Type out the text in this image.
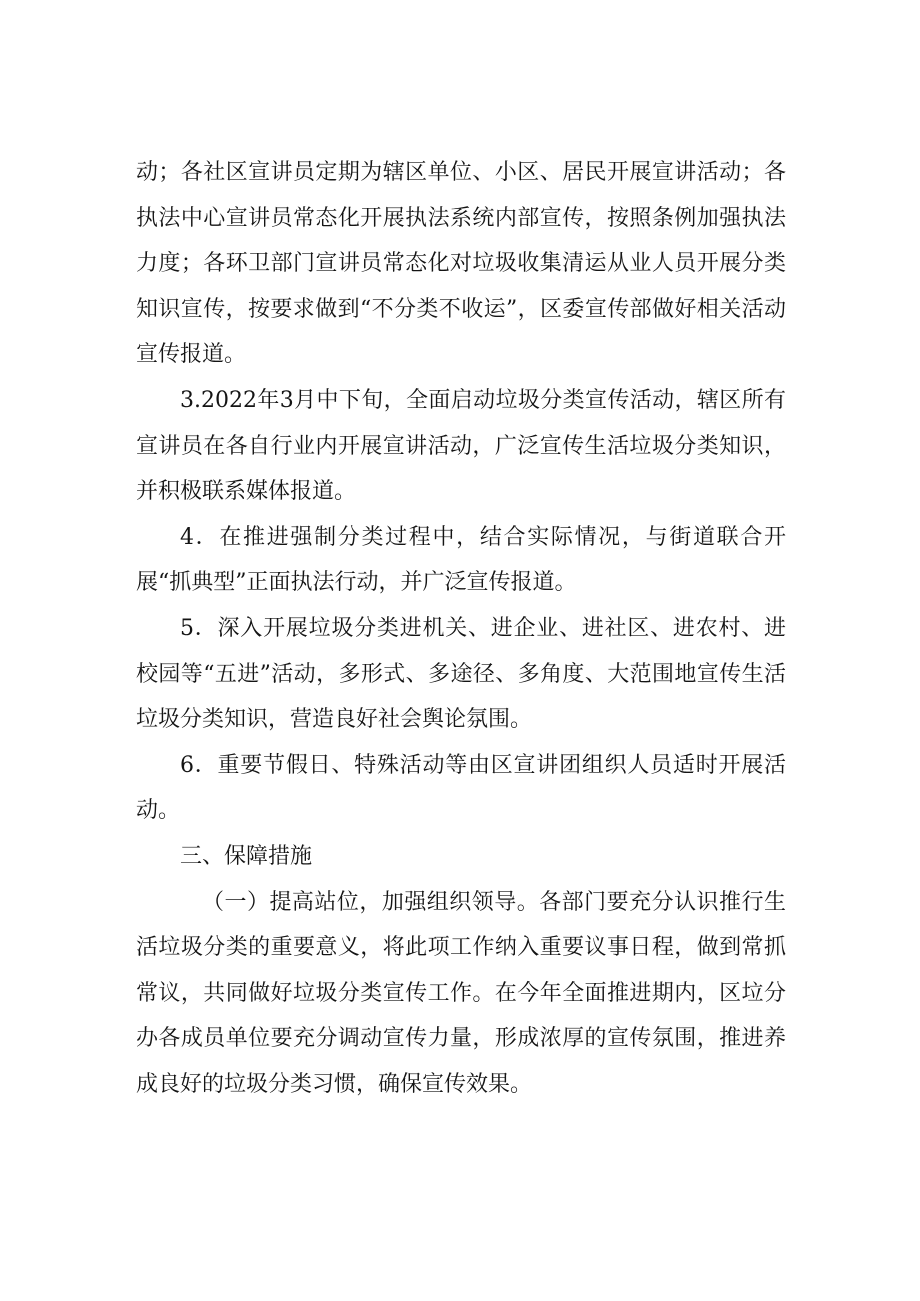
动；各社区宣讲员定期为辖区单位、小区、居民开展宣讲活动；各执法中心宣讲员常态化开展执法系统内部宣传，按照条例加强执法力度；各环卫部门宣讲员常态化对垃圾收集清运从业人员开展分类知识宣传，按要求做到“不分类不收运”，区委宣传部做好相关活动宣传报道。

3.2022年3月中下旬，全面启动垃圾分类宣传活动，辖区所有宣讲员在各自行业内开展宣讲活动，广泛宣传生活垃圾分类知识，并积极联系媒体报道。

4．在推进强制分类过程中，结合实际情况，与街道联合开展“抓典型”正面执法行动，并广泛宣传报道。

5．深入开展垃圾分类进机关、进企业、进社区、进农村、进校园等“五进”活动，多形式、多途径、多角度、大范围地宣传生活垃圾分类知识，营造良好社会舆论氛围。

6．重要节假日、特殊活动等由区宣讲团组织人员适时开展活动。

三、保障措施

（一）提高站位，加强组织领导。各部门要充分认识推行生活垃圾分类的重要意义，将此项工作纳入重要议事日程，做到常抓常议，共同做好垃圾分类宣传工作。在今年全面推进期内，区垃分办各成员单位要充分调动宣传力量，形成浓厚的宣传氛围，推进养成良好的垃圾分类习惯，确保宣传效果。
